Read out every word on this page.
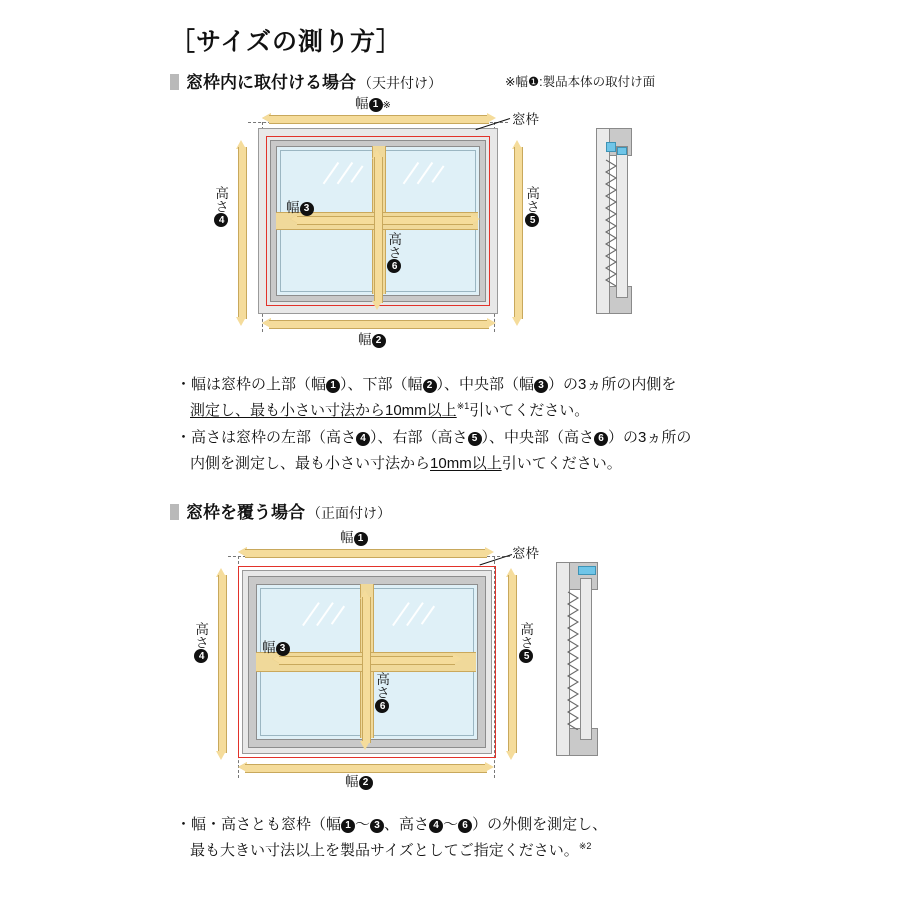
［サイズの測り方］
窓枠内に取付ける場合 （天井付け）	※幅❶:製品本体の取付け面
幅 1 ※
窓枠
幅 3
幅 2
高さ4
高さ5
高さ6
・幅は窓枠の上部（幅 1 ）、下部（幅 2 ）、中央部（幅 3 ）の3ヵ所の内側を
測定し、最も小さい寸法から10mm以上$^{※1}$引いてください。
・高さは窓枠の左部（高さ 4 ）、右部（高さ 5 ）、中央部（高さ 6 ）の3ヵ所の
内側を測定し、最も小さい寸法から10mm以上引いてください。
窓枠を覆う場合 （正面付け）
幅 1
窓枠
幅 3
幅 2
高さ4
高さ5
高さ6
・幅・高さとも窓枠（幅 1 〜 3 、高さ 4 〜 6 ）の外側を測定し、
最も大きい寸法以上を製品サイズとしてご指定ください。$^{※2}$
